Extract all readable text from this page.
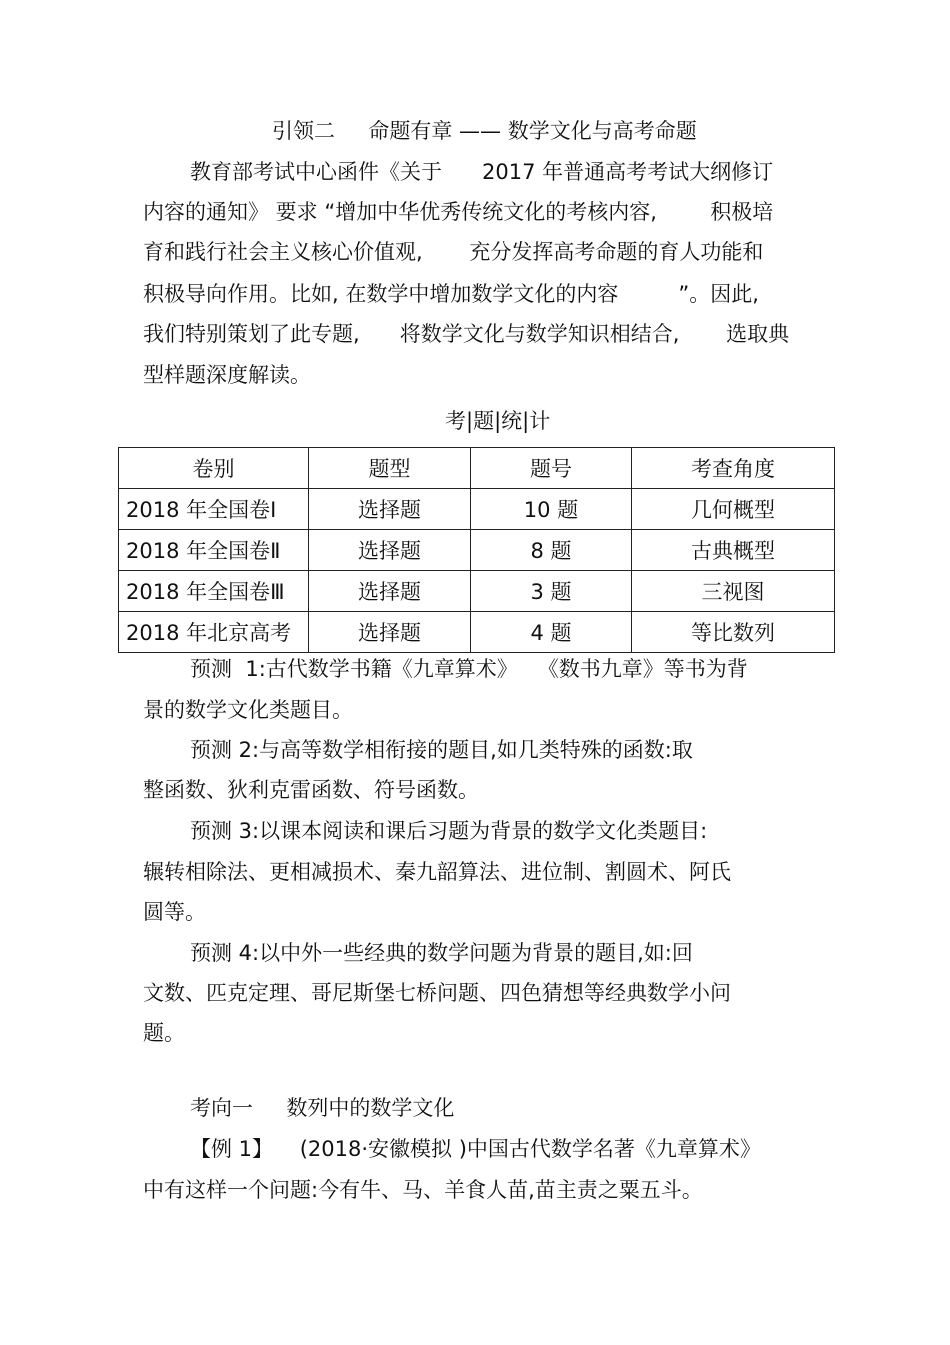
引领二     命题有章 —— 数学文化与高考命题
教育部考试中心函件《关于      2017 年普通高考考试大纲修订
内容的通知》 要求 “增加中华优秀传统文化的考核内容,        积极培
育和践行社会主义核心价值观,       充分发挥高考命题的育人功能和
积极导向作用。比如, 在数学中增加数学文化的内容         ”。因此,
我们特别策划了此专题,      将数学文化与数学知识相结合,       选取典
型样题深度解读。
考|题|统|计
卷别	题型	题号	考查角度
2018 年全国卷Ⅰ	选择题	10 题	几何概型
2018 年全国卷Ⅱ	选择题	8 题	古典概型
2018 年全国卷Ⅲ	选择题	3 题	三视图
2018 年北京高考	选择题	4 题	等比数列
预测  1:古代数学书籍《九章算术》   《数书九章》等书为背
景的数学文化类题目。
预测 2:与高等数学相衔接的题目,如几类特殊的函数:取
整函数、狄利克雷函数、符号函数。
预测 3:以课本阅读和课后习题为背景的数学文化类题目:
辗转相除法、更相减损术、秦九韶算法、进位制、割圆术、阿氏
圆等。
预测 4:以中外一些经典的数学问题为背景的题目,如:回
文数、匹克定理、哥尼斯堡七桥问题、四色猜想等经典数学小问
题。
考向一     数列中的数学文化
【例 1】    (2018·安徽模拟 )中国古代数学名著《九章算术》
中有这样一个问题:今有牛、马、羊食人苗,苗主责之粟五斗。
